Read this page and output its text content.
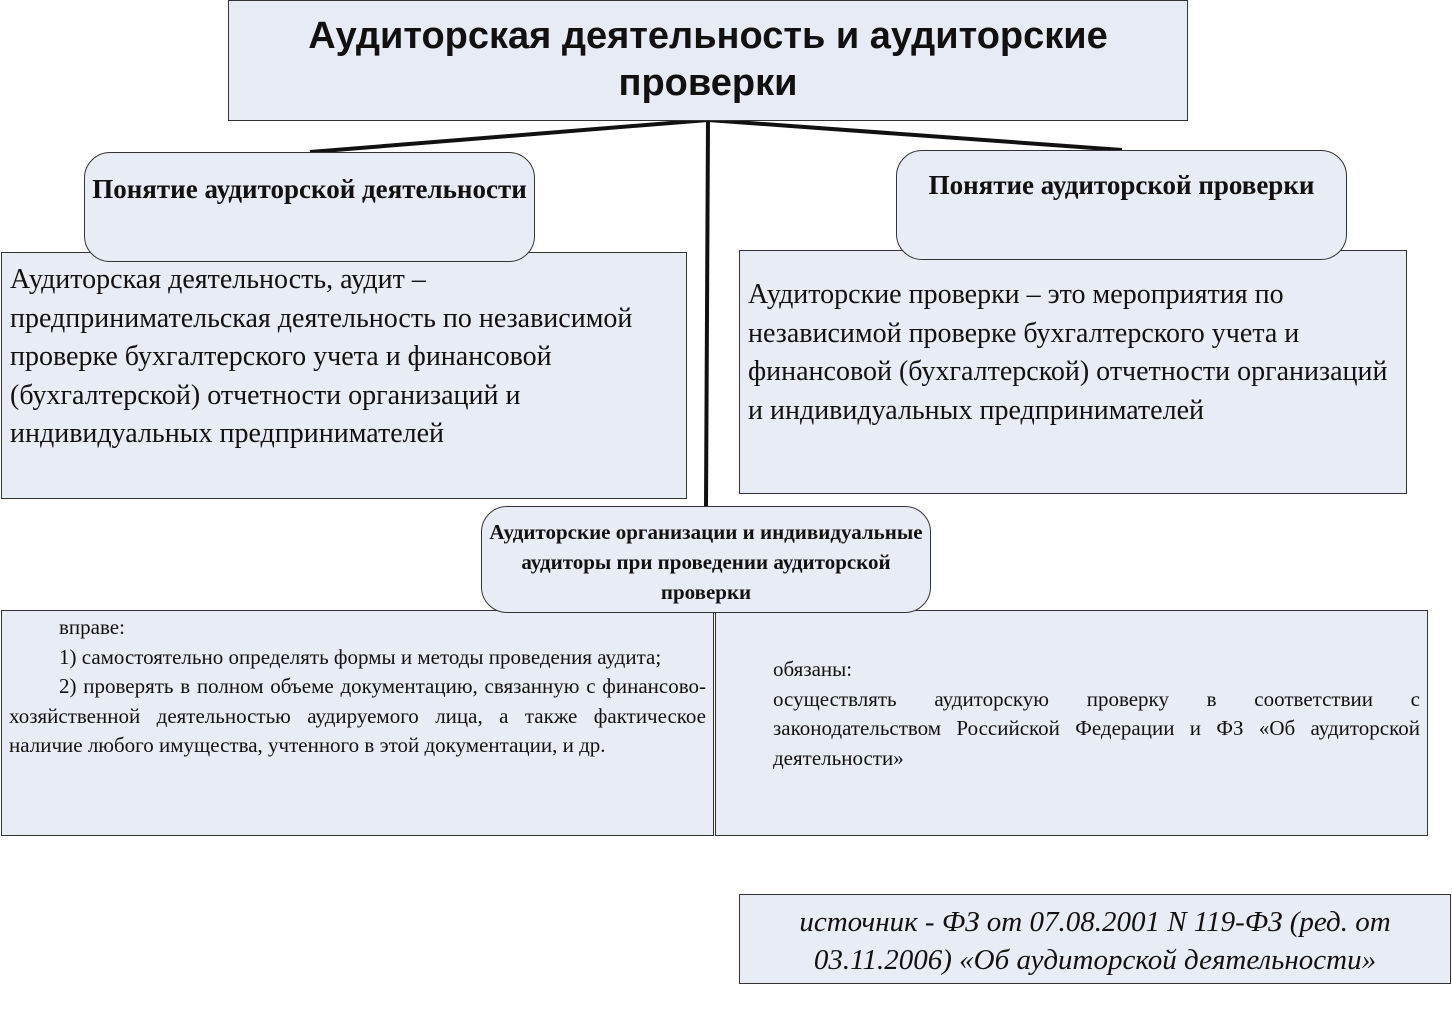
Аудиторская деятельность и аудиторские проверки
Аудиторская деятельность, аудит – предпринимательская деятельность по независимой проверке бухгалтерского учета и финансовой (бухгалтерской) отчетности организаций и индивидуальных предпринимателей
Понятие аудиторской деятельности
Аудиторские проверки – это мероприятия по независимой проверке бухгалтерского учета и финансовой (бухгалтерской) отчетности организаций и индивидуальных предпринимателей
Понятие аудиторской проверки

вправе:

1) самостоятельно определять формы и методы проведения аудита;

2) проверять в полном объеме документацию, связанную с финансово-хозяйственной деятельностью аудируемого лица, а также фактическое наличие любого имущества, учтенного в этой документации, и др.

обязаны:

осуществлять аудиторскую проверку в соответствии с законодательством Российской Федерации и ФЗ «Об аудиторской деятельности»

Аудиторские организации и индивидуальные аудиторы при проведении аудиторской проверки
источник - ФЗ от 07.08.2001 N 119-ФЗ (ред. от 03.11.2006) «Об аудиторской деятельности»
